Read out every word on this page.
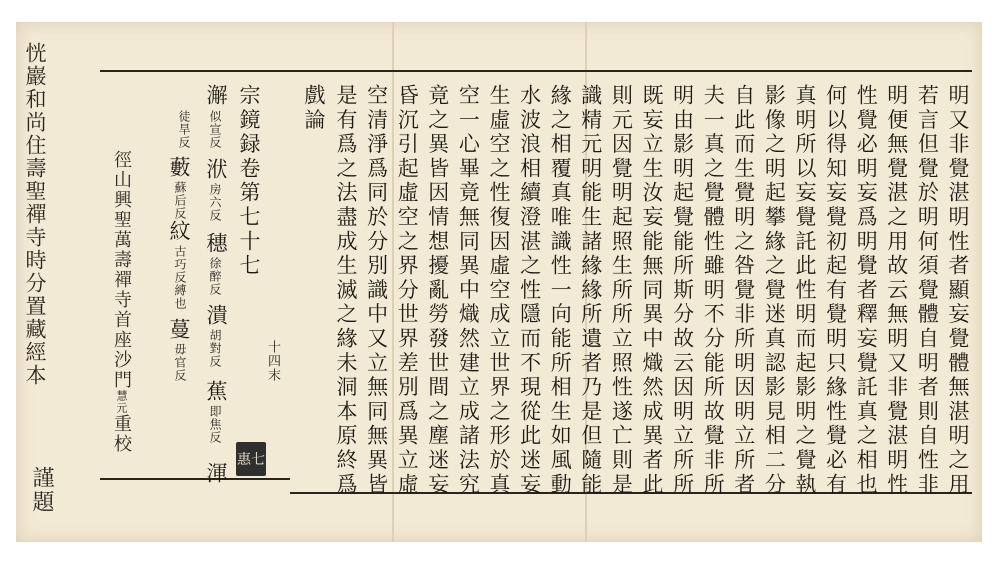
明又非覺湛明性者顯妄覺體無湛明之用
若言但覺於明何須覺體自明者則自性非
明便無覺湛之用故云無明又非覺湛明性
性覺必明妄爲明覺者釋妄覺託真之相也
何以得知妄覺初起有覺明只緣性覺必有
真明所以妄覺託此性明而起影明之覺執
影像之明起攀緣之覺迷真認影見相二分
自此而生覺明之咎覺非所明因明立所者
夫一真之覺體性雖明不分能所故覺非所
明由影明起覺能所斯分故云因明立所所
既妄立生汝妄能無同異中熾然成異者此
則元因覺明起照生所所立照性遂亡則是
識精元明能生諸緣緣所遺者乃是但隨能
緣之相覆真唯識性一向能所相生如風動
水波浪相續澄湛之性隱而不現從此迷妄
生虛空之性復因虛空成立世界之形於真
空一心畢竟無同異中熾然建立成諸法究
竟之異皆因情想擾亂勞發世間之塵迷妄
昏沉引起虛空之界分世界差別爲異立虛
空清淨爲同於分別識中又立無同無異皆
是有爲之法盡成生滅之緣未洞本原終爲
戲論
十四末
宗鏡録卷第七十七
澥
似宣反
洑
房六反
穗
徐醉反
潰
胡對反
蕉
即焦反
渾
惠七
徒旱反
藪
蘇后反
紋
古巧反縛也
蔓
毋官反
徑山興聖萬壽禪寺首座沙門慧元重校
恍巖和尚住壽聖禪寺時分置藏經本
謹題
